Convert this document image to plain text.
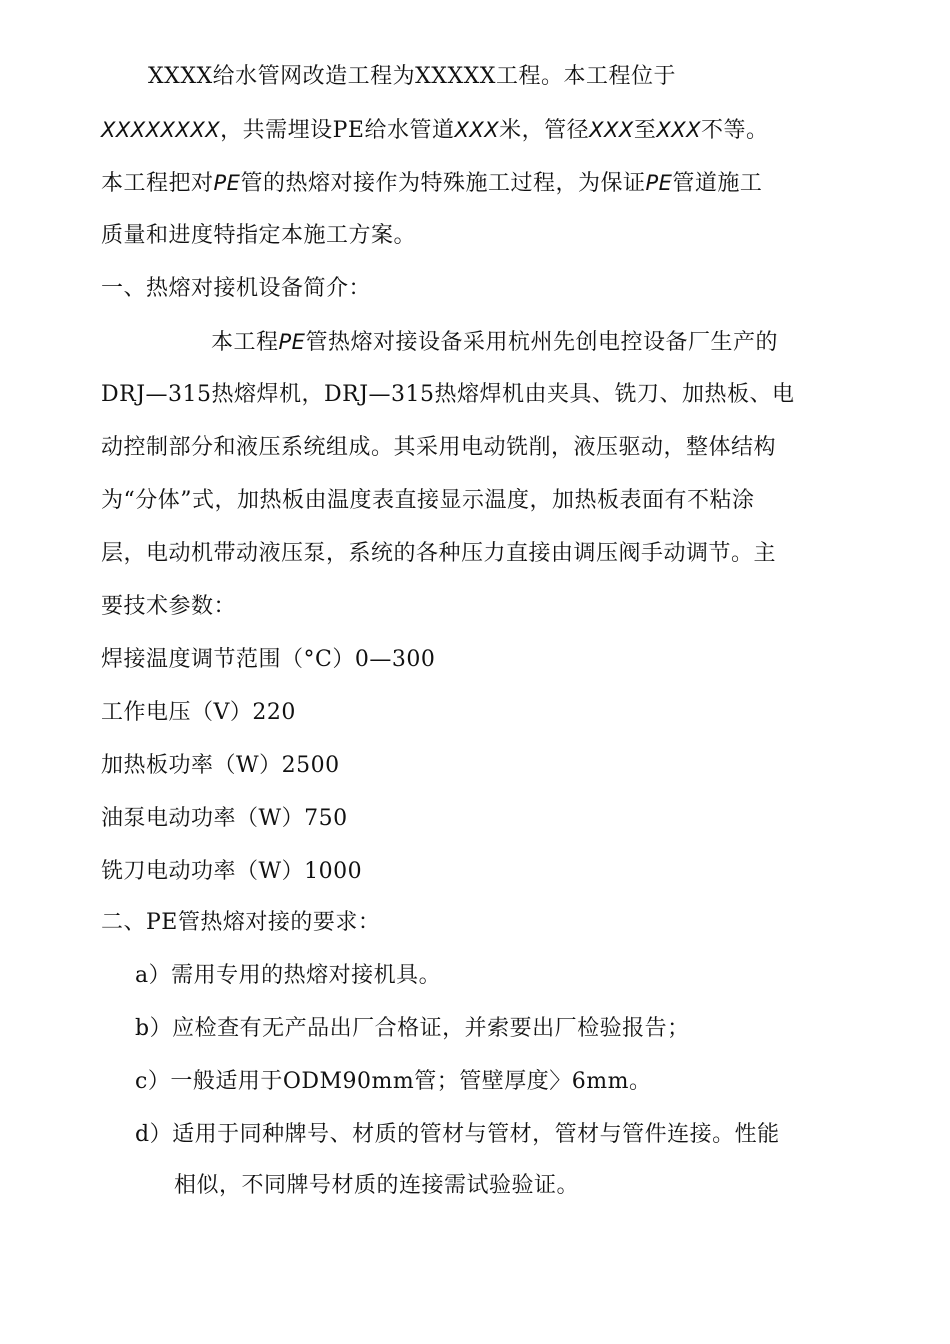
XXXX给水管网改造工程为XXXXX工程。本工程位于
XXXXXXXX，共需埋设PE给水管道XXX米，管径XXX至XXX不等。
本工程把对PE管的热熔对接作为特殊施工过程，为保证PE管道施工
质量和进度特指定本施工方案。
一、热熔对接机设备简介：
本工程PE管热熔对接设备采用杭州先创电控设备厂生产的
DRJ—315热熔焊机，DRJ—315热熔焊机由夹具、铣刀、加热板、电
动控制部分和液压系统组成。其采用电动铣削，液压驱动，整体结构
为“分体”式，加热板由温度表直接显示温度，加热板表面有不粘涂
层，电动机带动液压泵，系统的各种压力直接由调压阀手动调节。主
要技术参数：
焊接温度调节范围（°C）0—300
工作电压（V）220
加热板功率（W）2500
油泵电动功率（W）750
铣刀电动功率（W）1000
二、PE管热熔对接的要求：
a）需用专用的热熔对接机具。
b）应检查有无产品出厂合格证，并索要出厂检验报告；
c）一般适用于ODM90mm管；管壁厚度〉6mm。
d）适用于同种牌号、材质的管材与管材，管材与管件连接。性能
相似，不同牌号材质的连接需试验验证。
